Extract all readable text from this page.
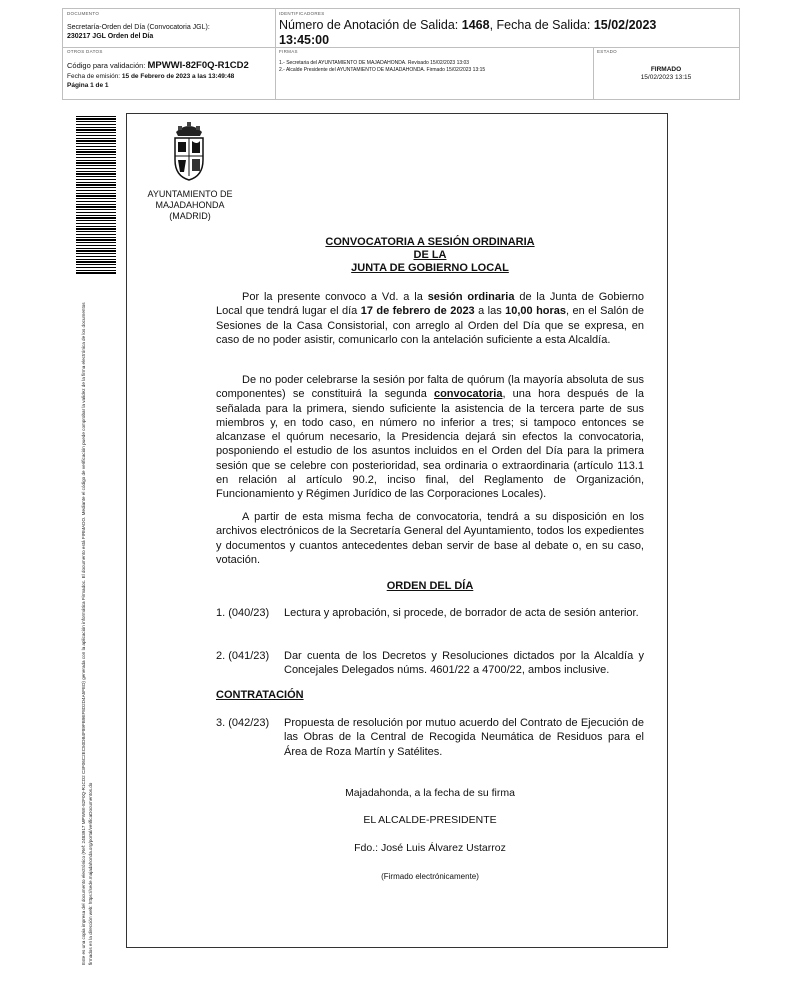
DOCUMENTO
Secretaría-Orden del Día (Convocatoria JGL):
230217 JGL Orden del Día
IDENTIFICADORES
Número de Anotación de Salida: 1468, Fecha de Salida: 15/02/2023
13:45:00
OTROS DATOS
Código para validación: MPWWI-82F0Q-R1CD2
Fecha de emisión: 15 de Febrero de 2023 a las 13:49:48
Página 1 de 1
FIRMAS
1.- Secretaria del AYUNTAMIENTO DE MAJADAHONDA. Revisado 15/02/2023 13:03
2.- Alcalde Presidente del AYUNTAMIENTO DE MAJADAHONDA. Firmado 15/02/2023 13:15
ESTADO
FIRMADO
15/02/2023 13:15
Este es una copia impresa del documento electrónico (Ref: 2483917 MPWWI-82F0Q-R1CD2 C3F06C2EC50DB4F89FB9EF8D2D4A5FED) generada con la aplicación informática Firmadoc. El documento está FIRMADO. Mediante el código de verificación puede comprobar la validez de la firma electrónica de los documentos firmados en la dirección web: https://sede.majadahonda.org/portal/verificaDocumentos.do
AYUNTAMIENTO DE
MAJADAHONDA
(MADRID)
CONVOCATORIA A SESIÓN ORDINARIA
DE LA
JUNTA DE GOBIERNO LOCAL
Por la presente convoco a Vd. a la sesión ordinaria de la Junta de Gobierno Local que tendrá lugar el día 17 de febrero de 2023 a las 10,00 horas, en el Salón de Sesiones de la Casa Consistorial, con arreglo al Orden del Día que se expresa, en caso de no poder asistir, comunicarlo con la antelación suficiente a esta Alcaldía.
De no poder celebrarse la sesión por falta de quórum (la mayoría absoluta de sus componentes) se constituirá la segunda convocatoria, una hora después de la señalada para la primera, siendo suficiente la asistencia de la tercera parte de sus miembros y, en todo caso, en número no inferior a tres; si tampoco entonces se alcanzase el quórum necesario, la Presidencia dejará sin efectos la convocatoria, posponiendo el estudio de los asuntos incluidos en el Orden del Día para la primera sesión que se celebre con posterioridad, sea ordinaria o extraordinaria (artículo 113.1 en relación al artículo 90.2, inciso final, del Reglamento de Organización, Funcionamiento y Régimen Jurídico de las Corporaciones Locales).
A partir de esta misma fecha de convocatoria, tendrá a su disposición en los archivos electrónicos de la Secretaría General del Ayuntamiento, todos los expedientes y documentos y cuantos antecedentes deban servir de base al debate o, en su caso, votación.
ORDEN DEL DÍA
1. (040/23)	Lectura y aprobación, si procede, de borrador de acta de sesión anterior.
2. (041/23)	Dar cuenta de los Decretos y Resoluciones dictados por la Alcaldía y Concejales Delegados núms. 4601/22 a 4700/22, ambos inclusive.
CONTRATACIÓN
3. (042/23)	Propuesta de resolución por mutuo acuerdo del Contrato de Ejecución de las Obras de la Central de Recogida Neumática de Residuos para el Área de Roza Martín y Satélites.
Majadahonda, a la fecha de su firma
EL ALCALDE-PRESIDENTE
Fdo.: José Luis Álvarez Ustarroz
(Firmado electrónicamente)
